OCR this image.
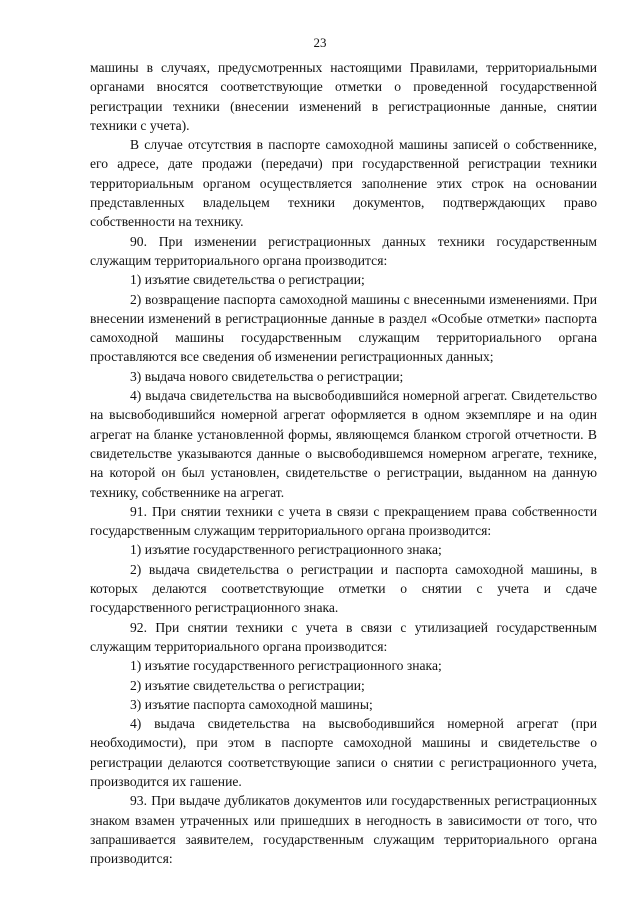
23

машины в случаях, предусмотренных настоящими Правилами, территориальными органами вносятся соответствующие отметки о проведенной государственной регистрации техники (внесении изменений в регистрационные данные, снятии техники с учета).

В случае отсутствия в паспорте самоходной машины записей о собственнике, его адресе, дате продажи (передачи) при государственной регистрации техники территориальным органом осуществляется заполнение этих строк на основании представленных владельцем техники документов, подтверждающих право собственности на технику.

90. При изменении регистрационных данных техники государственным служащим территориального органа производится:

1) изъятие свидетельства о регистрации;

2) возвращение паспорта самоходной машины с внесенными изменениями. При внесении изменений в регистрационные данные в раздел «Особые отметки» паспорта самоходной машины государственным служащим территориального органа проставляются все сведения об изменении регистрационных данных;

3) выдача нового свидетельства о регистрации;

4) выдача свидетельства на высвободившийся номерной агрегат. Свидетельство на высвободившийся номерной агрегат оформляется в одном экземпляре и на один агрегат на бланке установленной формы, являющемся бланком строгой отчетности. В свидетельстве указываются данные о высвободившемся номерном агрегате, технике, на которой он был установлен, свидетельстве о регистрации, выданном на данную технику, собственнике на агрегат.

91. При снятии техники с учета в связи с прекращением права собственности государственным служащим территориального органа производится:

1) изъятие государственного регистрационного знака;

2) выдача свидетельства о регистрации и паспорта самоходной машины, в которых делаются соответствующие отметки о снятии с учета и сдаче государственного регистрационного знака.

92. При снятии техники с учета в связи с утилизацией государственным служащим территориального органа производится:

1) изъятие государственного регистрационного знака;

2) изъятие свидетельства о регистрации;

3) изъятие паспорта самоходной машины;

4) выдача свидетельства на высвободившийся номерной агрегат (при необходимости), при этом в паспорте самоходной машины и свидетельстве о регистрации делаются соответствующие записи о снятии с регистрационного учета, производится их гашение.

93. При выдаче дубликатов документов или государственных регистрационных знаком взамен утраченных или пришедших в негодность в зависимости от того, что запрашивается заявителем, государственным служащим территориального органа производится:
